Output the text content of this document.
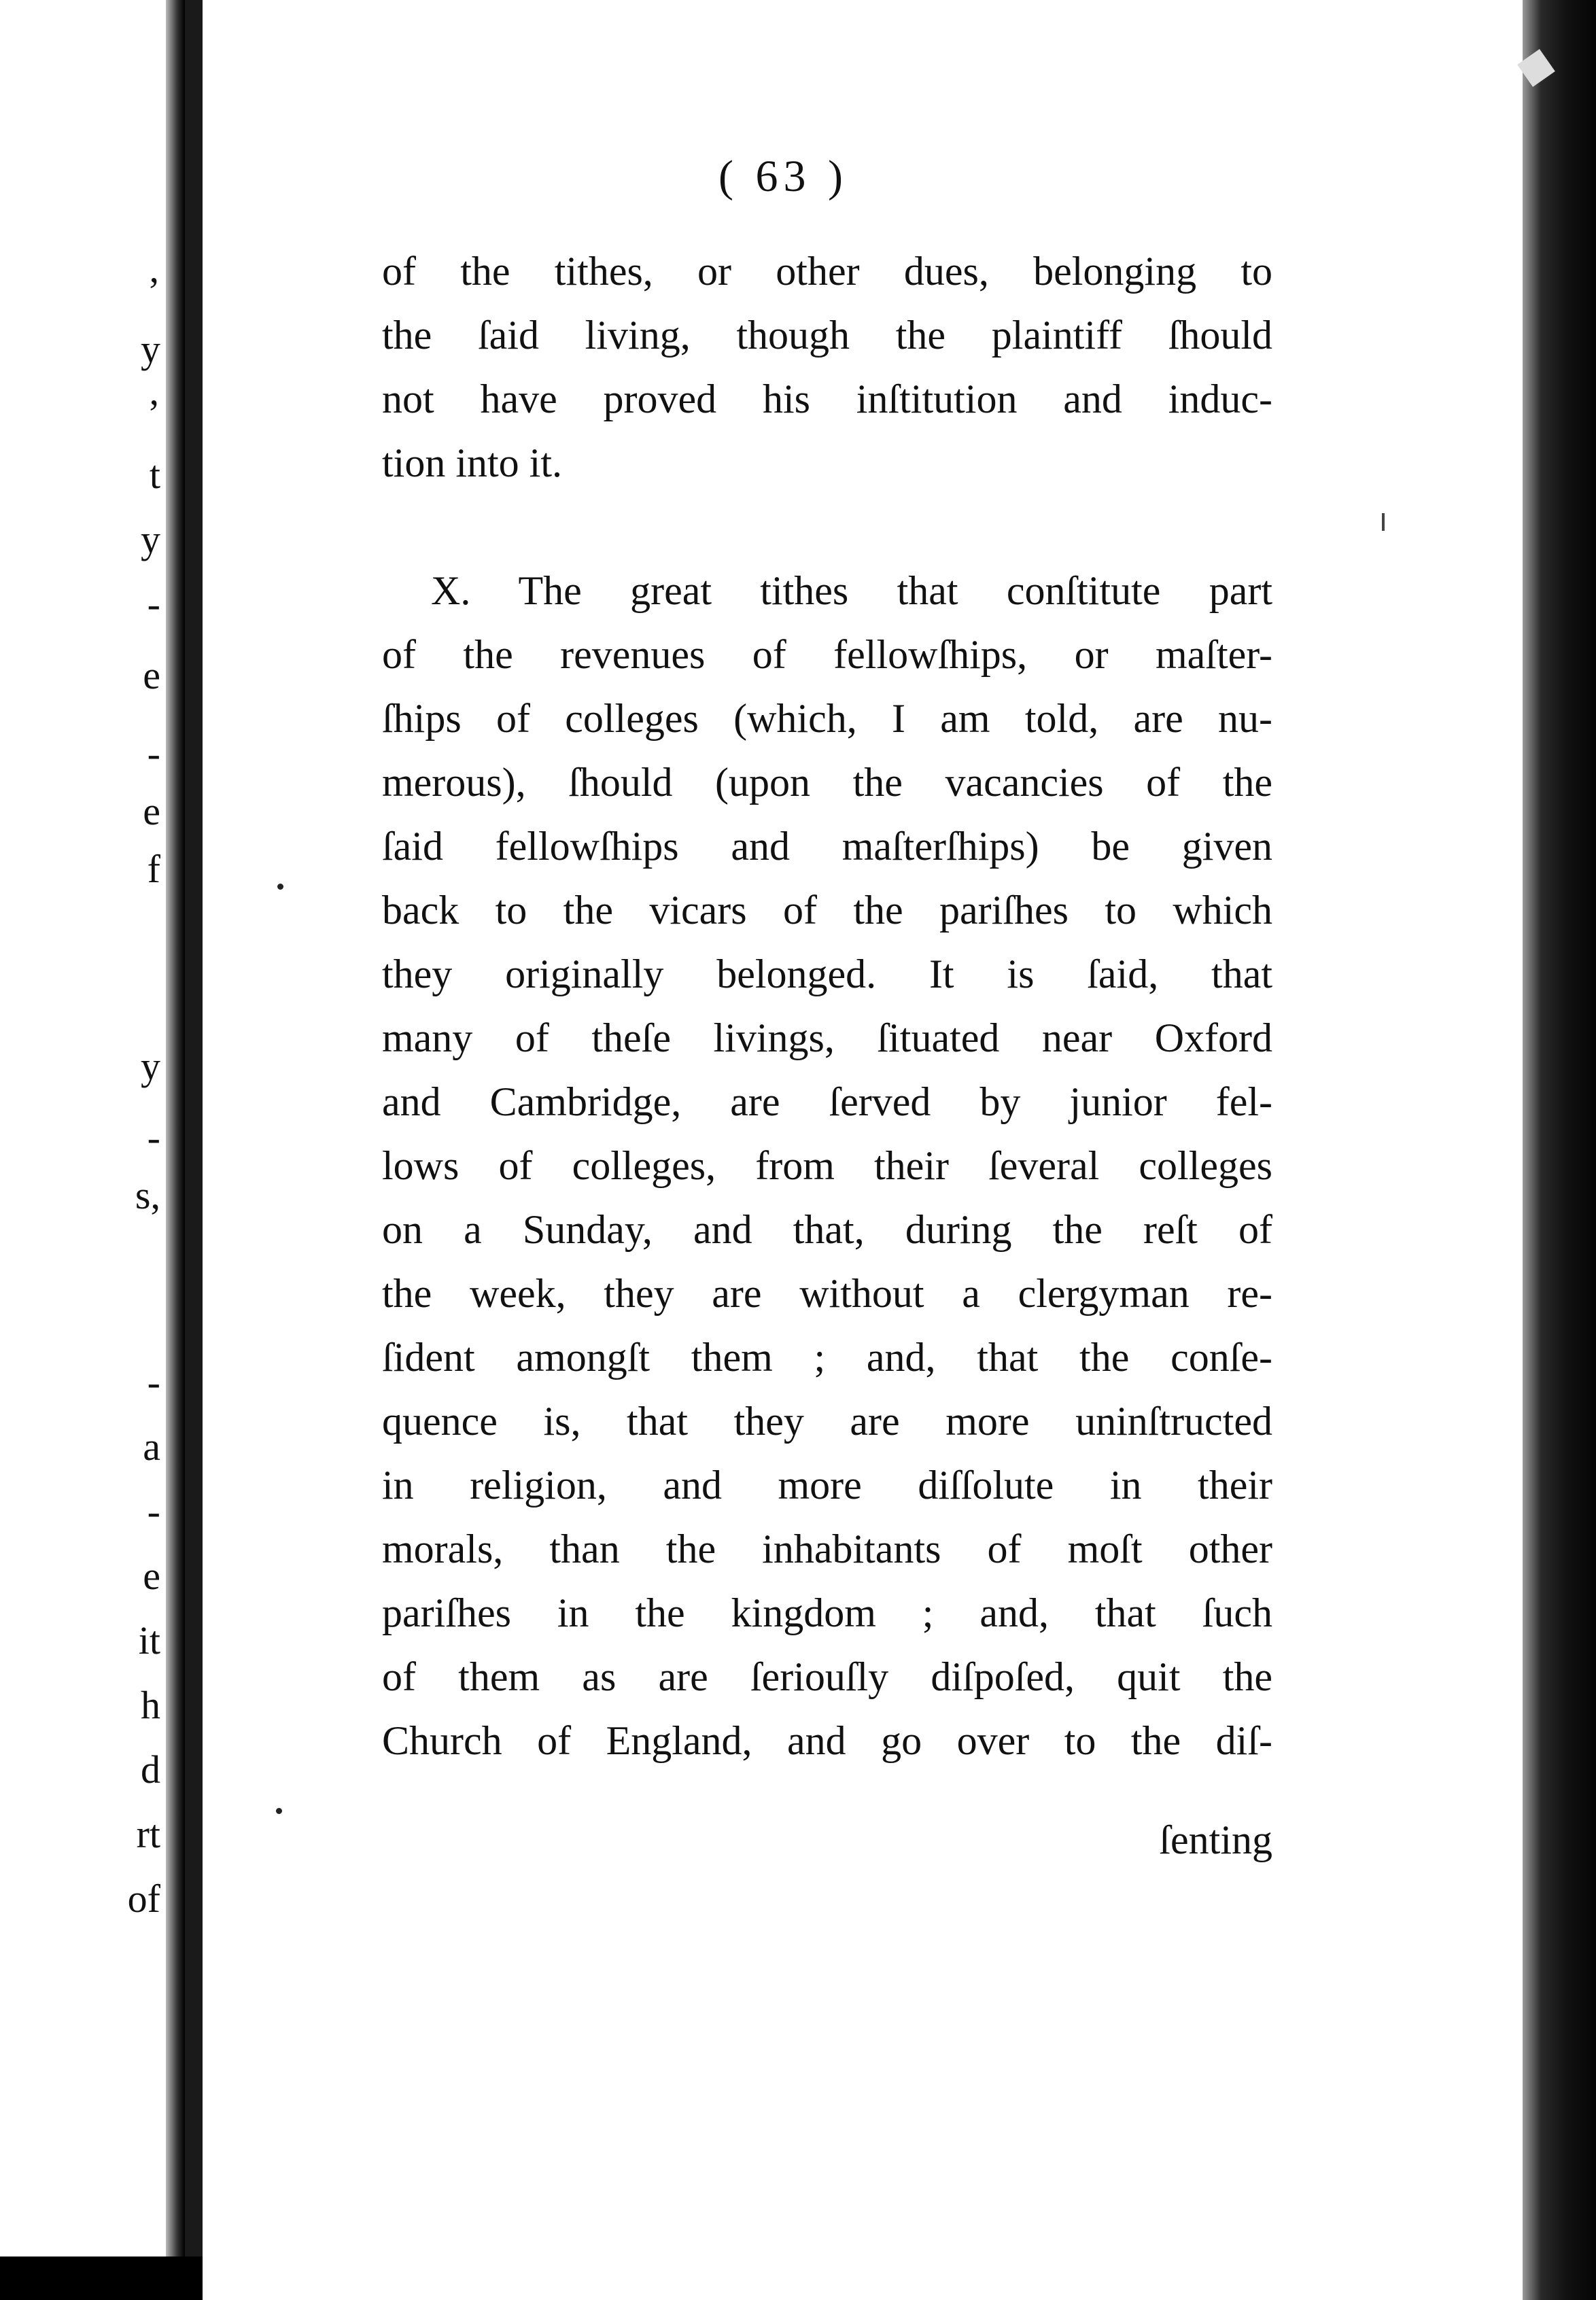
’
y
’
t
y
-
e
-
e
f
y
-
s,
-
a
-
e
it
h
d
rt
of
( 63 )
of the tithes, or other dues, belonging to
the ſaid living, though the plaintiff ſhould
not have proved his inſtitution and induc-
tion into it.
X. The great tithes that conſtitute part
of the revenues of fellowſhips, or maſter-
ſhips of colleges (which, I am told, are nu-
merous), ſhould (upon the vacancies of the
ſaid fellowſhips and maſterſhips) be given
back to the vicars of the pariſhes to which
they originally belonged. It is ſaid, that
many of theſe livings, ſituated near Oxford
and Cambridge, are ſerved by junior fel-
lows of colleges, from their ſeveral colleges
on a Sunday, and that, during the reſt of
the week, they are without a clergyman re-
ſident amongſt them ; and, that the conſe-
quence is, that they are more uninſtructed
in religion, and more diſſolute in their
morals, than the inhabitants of moſt other
pariſhes in the kingdom ; and, that ſuch
of them as are ſeriouſly diſpoſed, quit the
Church of England, and go over to the diſ-
ſenting
